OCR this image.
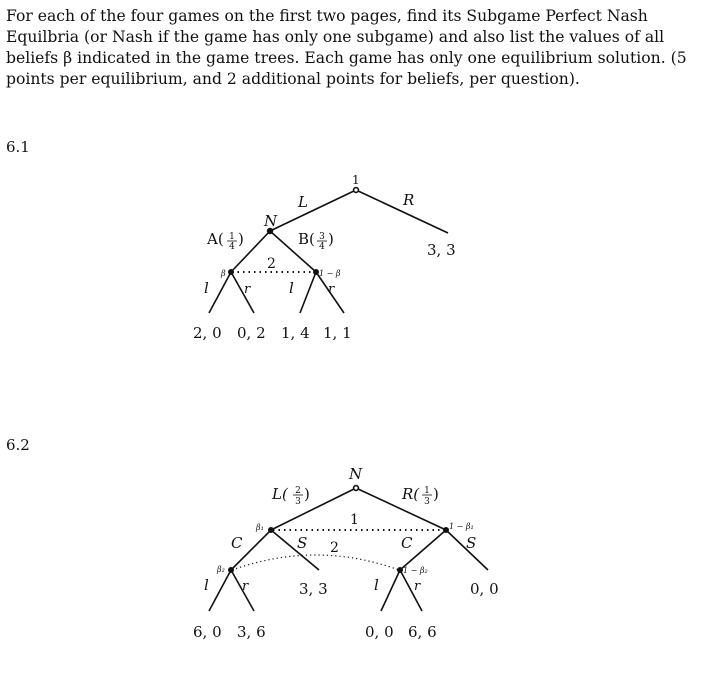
For each of the four games on the first two pages, find its Subgame Perfect Nash Equilbria (or Nash if the game has only one subgame) and also list the values of all beliefs β indicated in the game trees. Each game has only one equilibrium solution. (5 points per equilibrium, and 2 additional points for beliefs, per question).

6.1
6.2
1
L	R
3, 3
N
A( 1
4 )	B( 3
4 )
2
β	1 − β
l	r	l	r
2, 0 0, 2 1, 4 1, 1
N
L( 2
3 )	R( 1
3 )
1
2
β₁	1 − β₁
β₂	1 − β₂
C	S	C	S
3, 3	0, 0
l	r	l	r
6, 0 3, 6	0, 0 6, 6
